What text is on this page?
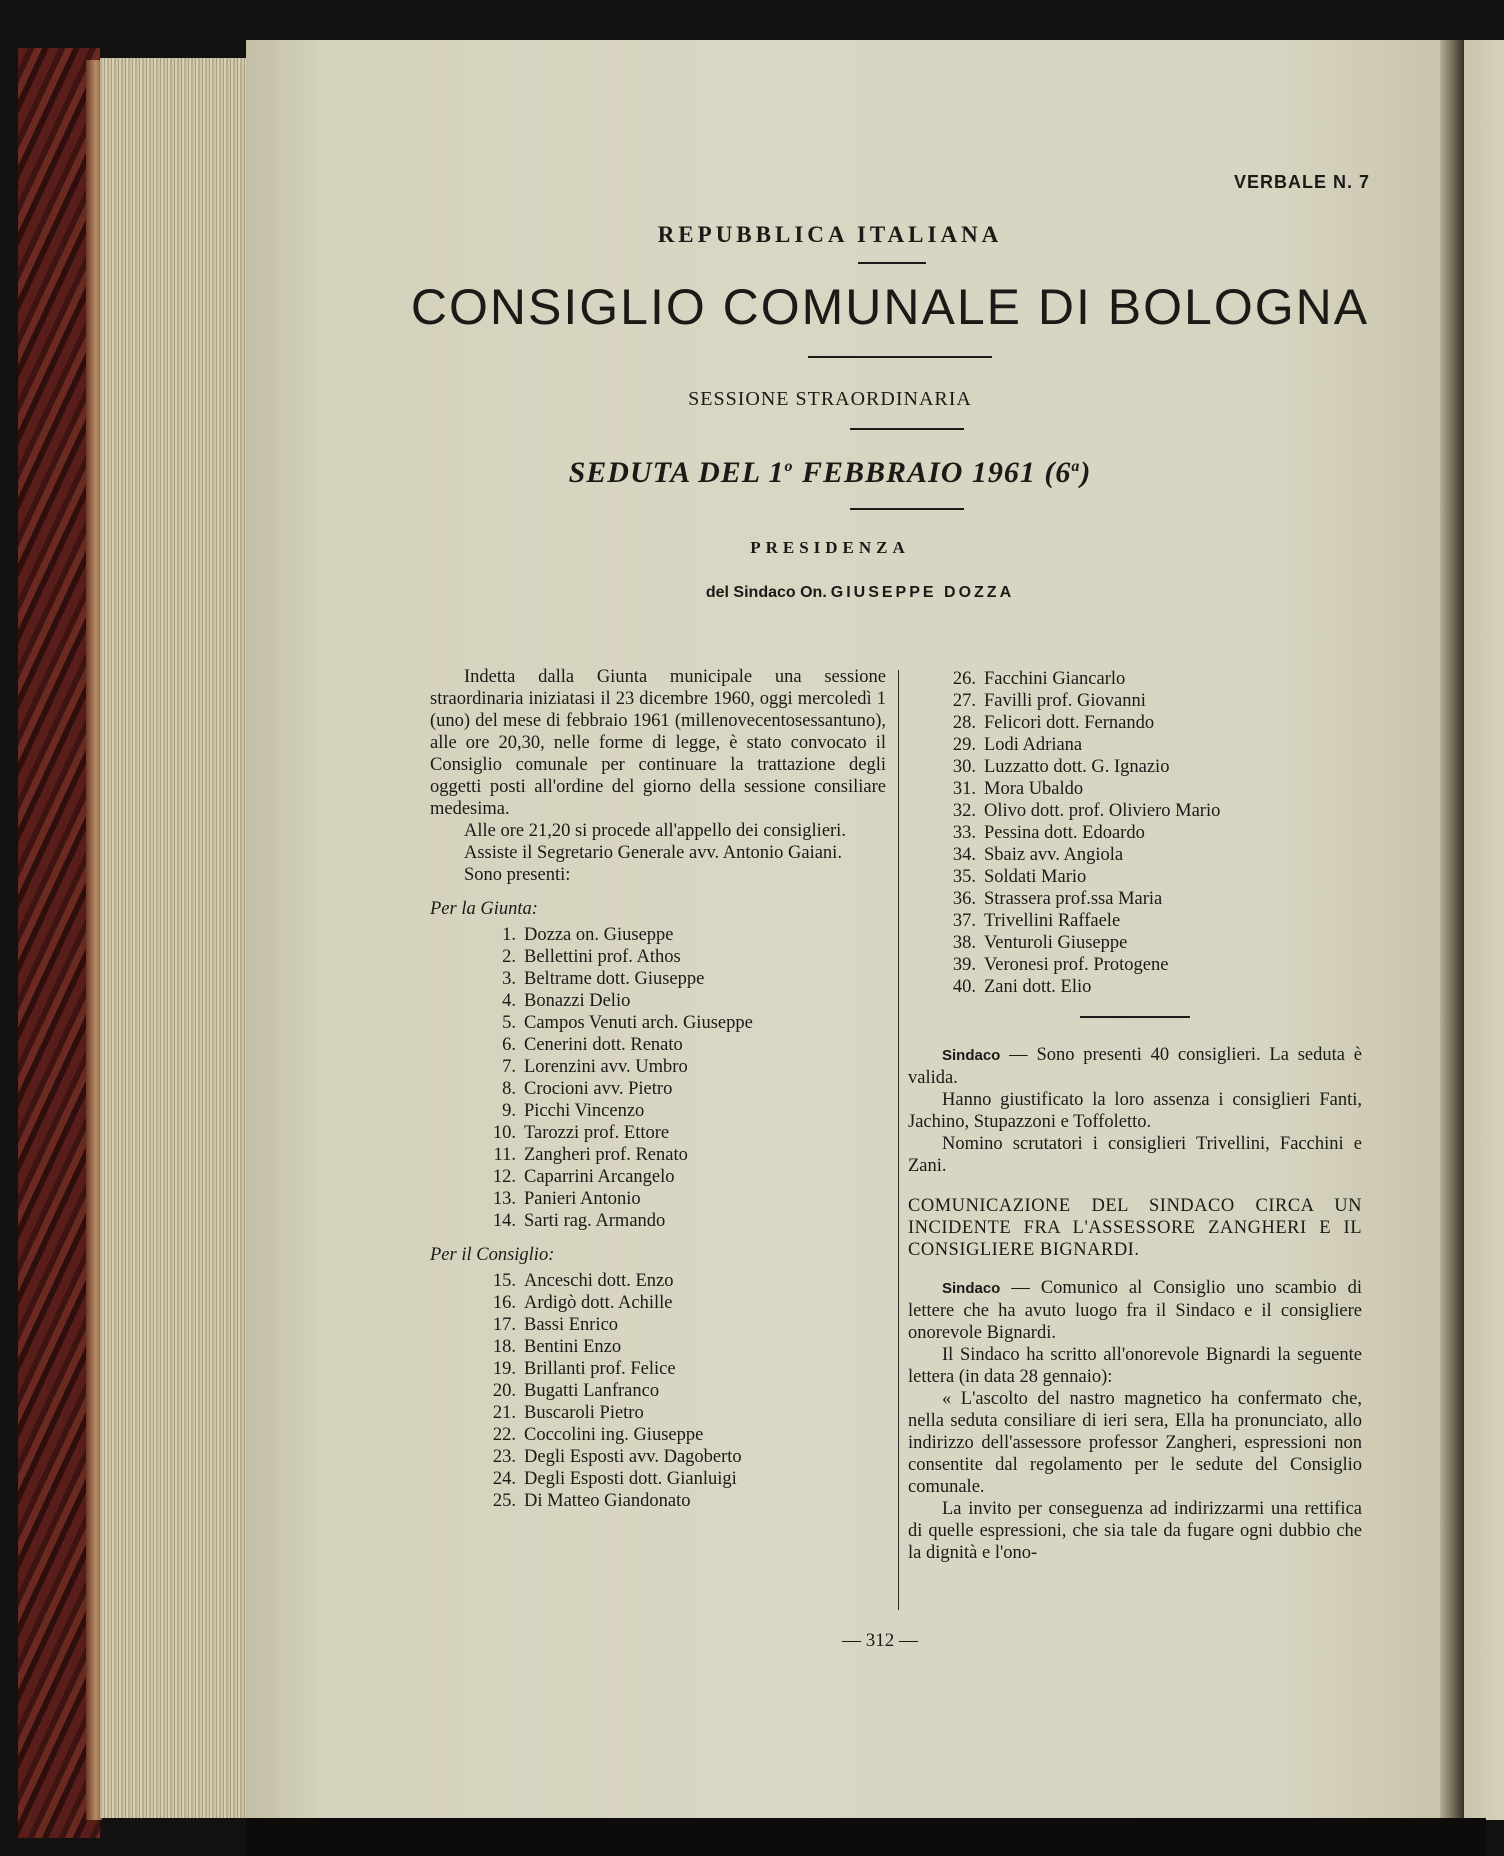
VERBALE N. 7
REPUBBLICA ITALIANA
CONSIGLIO COMUNALE DI BOLOGNA
SESSIONE STRAORDINARIA
SEDUTA DEL 1$^o$ FEBBRAIO 1961 (6$^a$)
PRESIDENZA
del Sindaco On. GIUSEPPE DOZZA

Indetta dalla Giunta municipale una sessione straordinaria iniziatasi il 23 dicembre 1960, oggi mercoledì 1 (uno) del mese di febbraio 1961 (millenovecentosessantuno), alle ore 20,30, nelle forme di legge, è stato convocato il Consiglio comunale per continuare la trattazione degli oggetti posti all'ordine del giorno della sessione consiliare medesima.

Alle ore 21,20 si procede all'appello dei consiglieri.

Assiste il Segretario Generale avv. Antonio Gaiani.

Sono presenti:

Per la Giunta:
1. Dozza on. Giuseppe
2. Bellettini prof. Athos
3. Beltrame dott. Giuseppe
4. Bonazzi Delio
5. Campos Venuti arch. Giuseppe
6. Cenerini dott. Renato
7. Lorenzini avv. Umbro
8. Crocioni avv. Pietro
9. Picchi Vincenzo
10. Tarozzi prof. Ettore
11. Zangheri prof. Renato
12. Caparrini Arcangelo
13. Panieri Antonio
14. Sarti rag. Armando
Per il Consiglio:
15. Anceschi dott. Enzo
16. Ardigò dott. Achille
17. Bassi Enrico
18. Bentini Enzo
19. Brillanti prof. Felice
20. Bugatti Lanfranco
21. Buscaroli Pietro
22. Coccolini ing. Giuseppe
23. Degli Esposti avv. Dagoberto
24. Degli Esposti dott. Gianluigi
25. Di Matteo Giandonato
26. Facchini Giancarlo
27. Favilli prof. Giovanni
28. Felicori dott. Fernando
29. Lodi Adriana
30. Luzzatto dott. G. Ignazio
31. Mora Ubaldo
32. Olivo dott. prof. Oliviero Mario
33. Pessina dott. Edoardo
34. Sbaiz avv. Angiola
35. Soldati Mario
36. Strassera prof.ssa Maria
37. Trivellini Raffaele
38. Venturoli Giuseppe
39. Veronesi prof. Protogene
40. Zani dott. Elio

Sindaco — Sono presenti 40 consiglieri. La seduta è valida.

Hanno giustificato la loro assenza i consiglieri Fanti, Jachino, Stupazzoni e Toffoletto.

Nomino scrutatori i consiglieri Trivellini, Facchini e Zani.

COMUNICAZIONE DEL SINDACO CIRCA UN INCIDENTE FRA L'ASSESSORE ZANGHERI E IL CONSIGLIERE BIGNARDI.

Sindaco — Comunico al Consiglio uno scambio di lettere che ha avuto luogo fra il Sindaco e il consigliere onorevole Bignardi.

Il Sindaco ha scritto all'onorevole Bignardi la seguente lettera (in data 28 gennaio):

« L'ascolto del nastro magnetico ha confermato che, nella seduta consiliare di ieri sera, Ella ha pronunciato, allo indirizzo dell'assessore professor Zangheri, espressioni non consentite dal regolamento per le sedute del Consiglio comunale.

La invito per conseguenza ad indirizzarmi una rettifica di quelle espressioni, che sia tale da fugare ogni dubbio che la dignità e l'ono-

— 312 —
